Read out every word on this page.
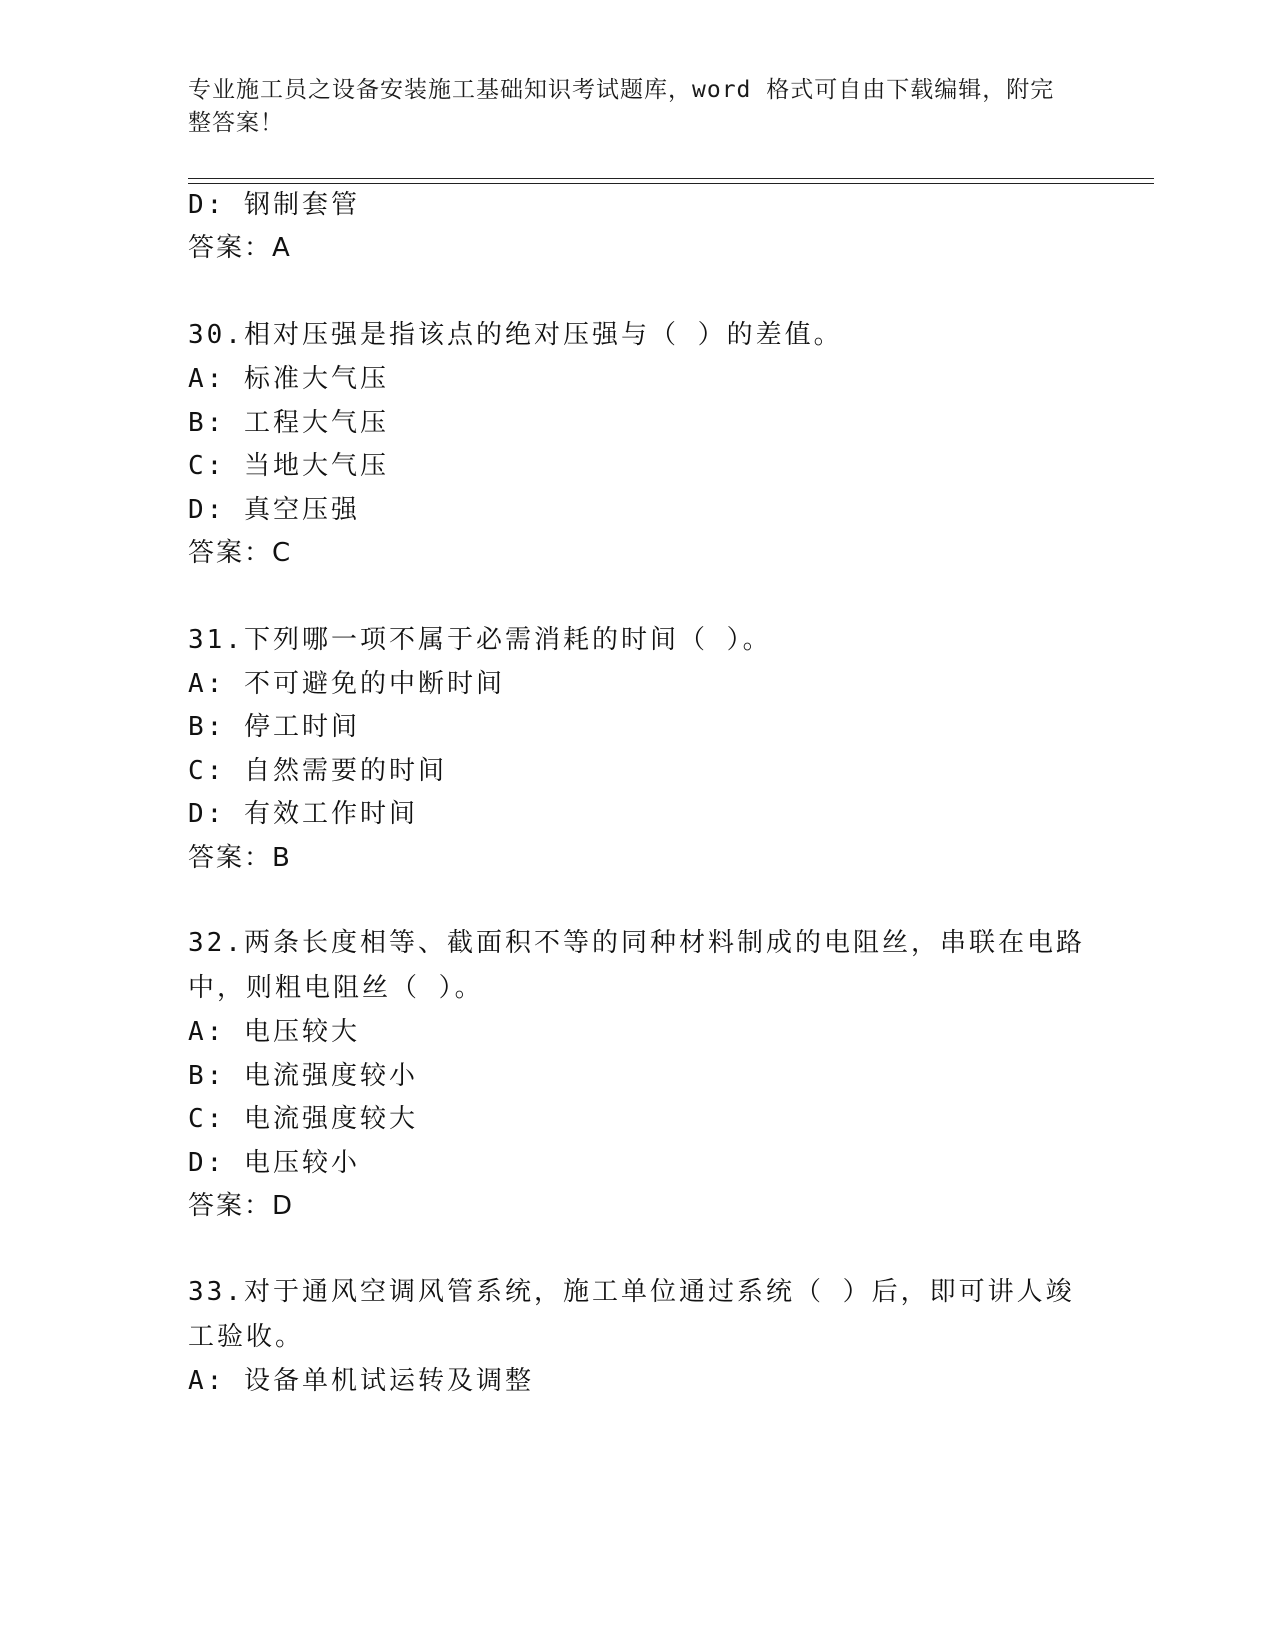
专业施工员之设备安装施工基础知识考试题库，word 格式可自由下载编辑，附完整答案！
D: 钢制套管
答案：A
30.相对压强是指该点的绝对压强与（ ）的差值。
A: 标准大气压
B: 工程大气压
C: 当地大气压
D: 真空压强
答案：C
31.下列哪一项不属于必需消耗的时间（ ）。
A: 不可避免的中断时间
B: 停工时间
C: 自然需要的时间
D: 有效工作时间
答案：B
32.两条长度相等、截面积不等的同种材料制成的电阻丝，串联在电路中，则粗电阻丝（ ）。
A: 电压较大
B: 电流强度较小
C: 电流强度较大
D: 电压较小
答案：D
33.对于通风空调风管系统，施工单位通过系统（ ）后，即可讲人竣工验收。
A: 设备单机试运转及调整
